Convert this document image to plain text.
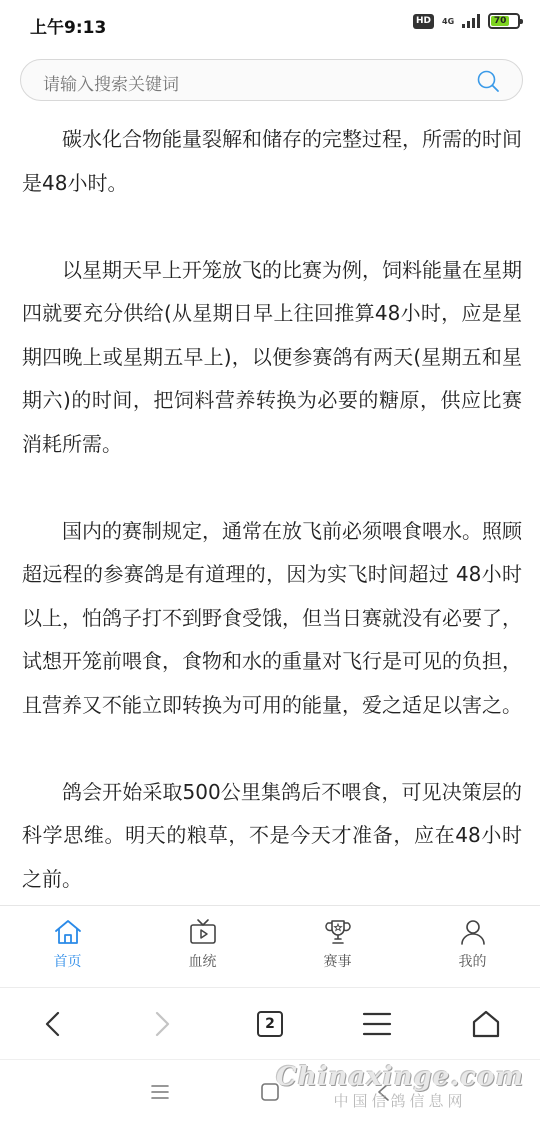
上午9:13	HD	4G	70
请输入搜索关键词

碳水化合物能量裂解和储存的完整过程，所需的时间是48小时。

以星期天早上开笼放飞的比赛为例，饲料能量在星期四就要充分供给(从星期日早上往回推算48小时，应是星期四晚上或星期五早上)，以便参赛鸽有两天(星期五和星期六)的时间，把饲料营养转换为必要的糖原，供应比赛消耗所需。

国内的赛制规定，通常在放飞前必须喂食喂水。照顾超远程的参赛鸽是有道理的，因为实飞时间超过 48小时以上，怕鸽子打不到野食受饿，但当日赛就没有必要了，试想开笼前喂食，食物和水的重量对飞行是可见的负担，且营养又不能立即转换为可用的能量，爱之适足以害之。

鸽会开始采取500公里集鸽后不喂食，可见决策层的科学思维。明天的粮草，不是今天才准备，应在48小时之前。

首页	血统	赛事	我的
2
Chinaxinge.com
中国信鸽信息网
